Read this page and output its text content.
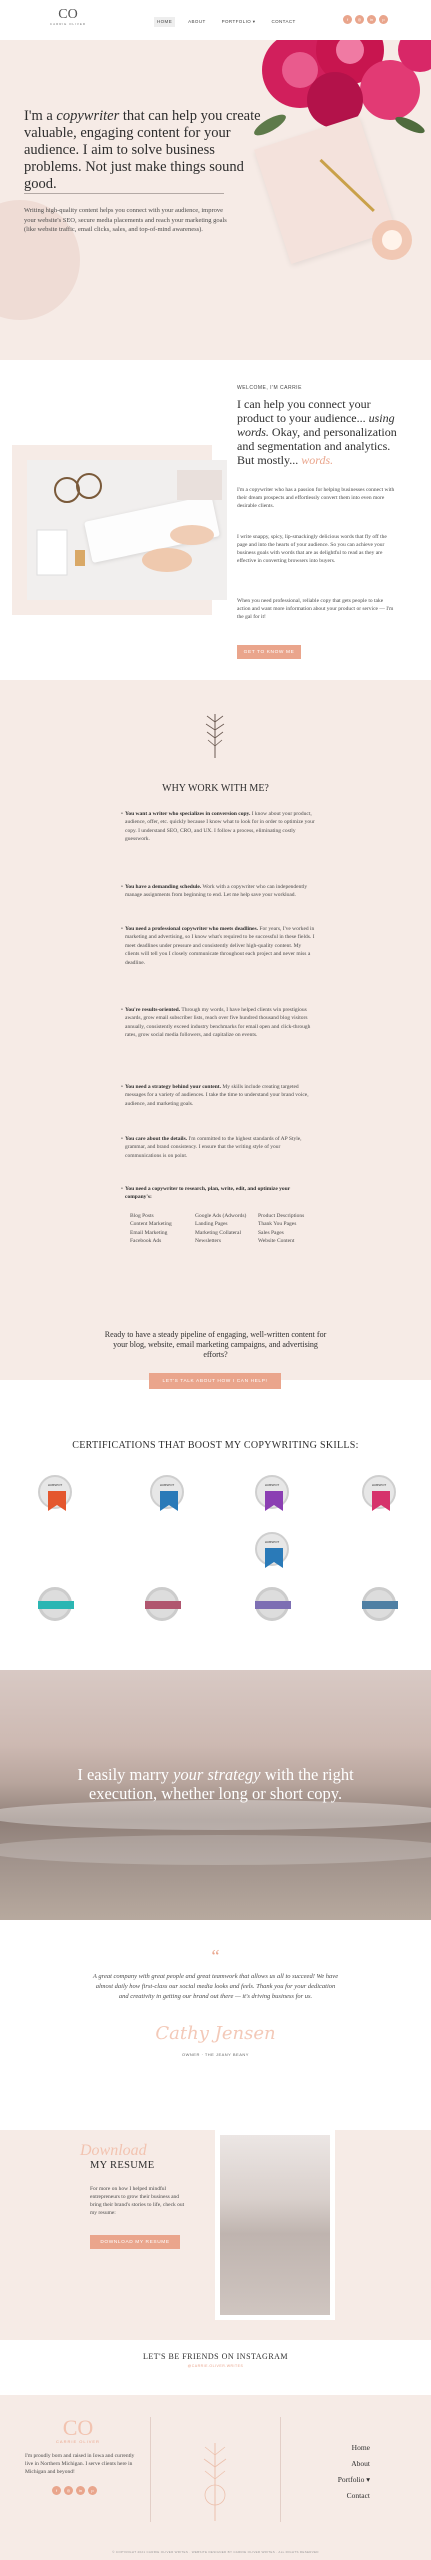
CO
CARRIE OLIVER	HOME	ABOUT	PORTFOLIO ▾	CONTACT	f	◎	in	p
I'm a copywriter that can help you create valuable, engaging content for your audience. I aim to solve business problems. Not just make things sound good.
Writing high-quality content helps you connect with your audience, improve your website's SEO, secure media placements and reach your marketing goals (like website traffic, email clicks, sales, and top-of-mind awareness).
WELCOME, I'M CARRIE
I can help you connect your product to your audience... using words. Okay, and personalization and segmentation and analytics. But mostly... words.
I'm a copywriter who has a passion for helping businesses connect with their dream prospects and effortlessly convert them into even more desirable clients.
I write snappy, spicy, lip-smackingly delicious words that fly off the page and into the hearts of your audience. So you can achieve your business goals with words that are as delightful to read as they are effective in converting browsers into buyers.
When you need professional, reliable copy that gets people to take action and want more information about your product or service — I'm the gal for it!
GET TO KNOW ME
WHY WORK WITH ME?
• You want a writer who specializes in conversion copy. I know about your product, audience, offer, etc. quickly because I know what to look for in order to optimize your copy. I understand SEO, CRO, and UX. I follow a process, eliminating costly guesswork.
• You have a demanding schedule. Work with a copywriter who can independently manage assignments from beginning to end. Let me help save your workload.
• You need a professional copywriter who meets deadlines. For years, I've worked in marketing and advertising, so I know what's required to be successful in these fields. I meet deadlines under pressure and consistently deliver high-quality content. My clients will tell you I closely communicate throughout each project and never miss a deadline.
• You're results-oriented. Through my words, I have helped clients win prestigious awards, grow email subscriber lists, reach over five hundred thousand blog visitors annually, consistently exceed industry benchmarks for email open and click-through rates, grow social media followers, and capitalize on events.
• You need a strategy behind your content. My skills include creating targeted messages for a variety of audiences. I take the time to understand your brand voice, audience, and marketing goals.
• You care about the details. I'm committed to the highest standards of AP Style, grammar, and brand consistency. I ensure that the writing style of your communications is on point.
• You need a copywriter to research, plan, write, edit, and optimize your company's:
Blog Posts
Content Marketing
Email Marketing
Facebook Ads
Google Ads (Adwords)
Landing Pages
Marketing Collateral
Newsletters
Product Descriptions
Thank You Pages
Sales Pages
Website Content
Ready to have a steady pipeline of engaging, well-written content for your blog, website, email marketing campaigns, and advertising efforts?
LET'S TALK ABOUT HOW I CAN HELP!
CERTIFICATIONS THAT BOOST MY COPYWRITING SKILLS:
HUBSPOT	HUBSPOT	HUBSPOT	HUBSPOT
HUBSPOT
I easily marry your strategy with the right execution, whether long or short copy.
“
A great company with great people and great teamwork that allows us all to succeed! We have almost daily how first-class our social media looks and feels. Thank you for your dedication and creativity in getting our brand out there — it's driving business for us.
Cathy Jensen
OWNER · THE JEANY BEANY
Download
MY RESUME
For more on how I helped mindful entrepreneurs to grow their business and bring their brand's stories to life, check out my resume:
DOWNLOAD MY RESUME
LET'S BE FRIENDS ON INSTAGRAM
@CARRIE.OLIVER.WRITES
CO
CARRIE OLIVER
I'm proudly born and raised in Iowa and currently live in Northern Michigan. I serve clients here in Michigan and beyond!
f	◎	in	p
Home
About
Portfolio ▾
Contact
© COPYRIGHT 2021 CARRIE OLIVER WRITES · WEBSITE DESIGNED BY CARRIE OLIVER WRITES · ALL RIGHTS RESERVED
